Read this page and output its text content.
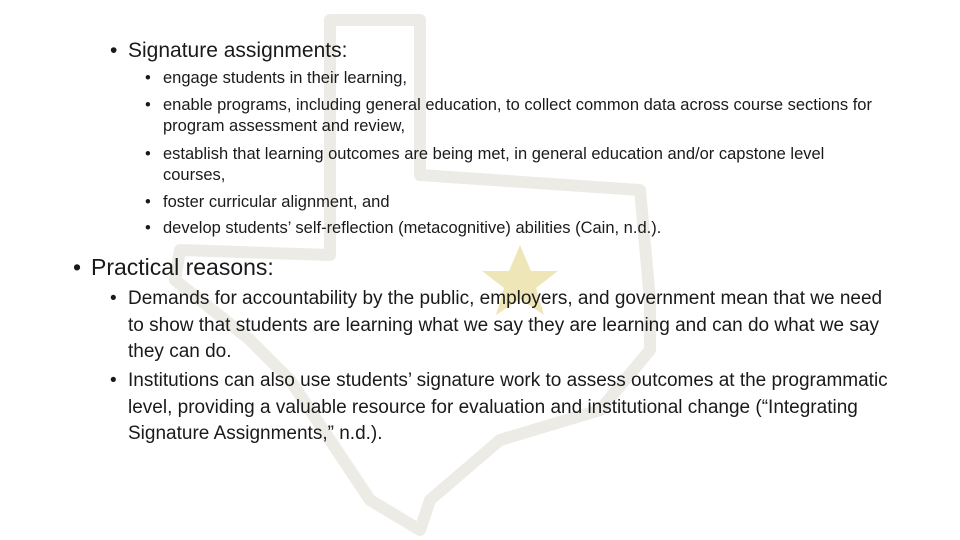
• Signature assignments:
• engage students in their learning,
• enable programs, including general education, to collect common data across course sections for program assessment and review,
• establish that learning outcomes are being met, in general education and/or capstone level courses,
• foster curricular alignment, and
• develop students’ self-reflection (metacognitive) abilities (Cain, n.d.).
• Practical reasons:
• Demands for accountability by the public, employers, and government mean that we need to show that students are learning what we say they are learning and can do what we say they can do.
• Institutions can also use students’ signature work to assess outcomes at the programmatic level, providing a valuable resource for evaluation and institutional change (“Integrating Signature Assignments,” n.d.).
